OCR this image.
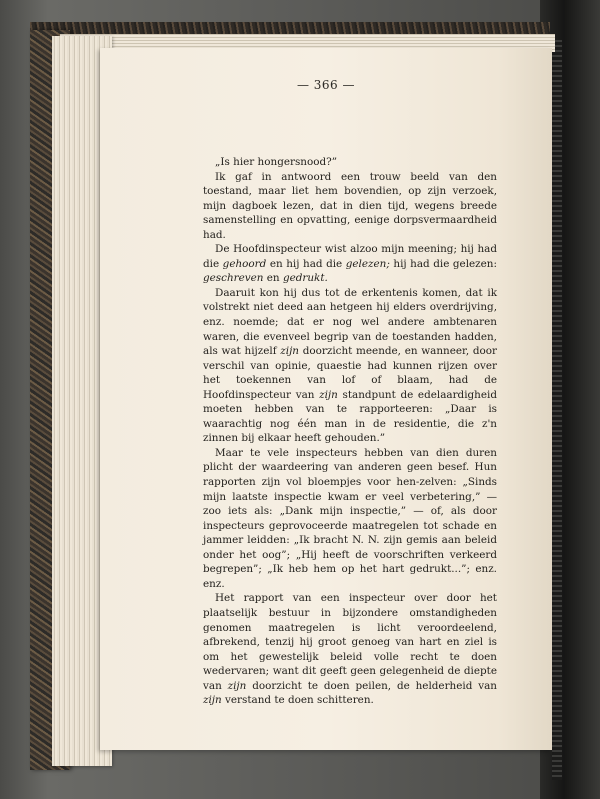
— 366 —

„Is hier hongersnood?”

Ik gaf in antwoord een trouw beeld van den toestand, maar liet hem bovendien, op zijn verzoek, mijn dagboek lezen, dat in dien tijd, wegens breede samenstelling en opvatting, eenige dorpsvermaardheid had.

De Hoofdinspecteur wist alzoo mijn meening; hij had die gehoord en hij had die gelezen; hij had die gelezen: geschreven en gedrukt.

Daaruit kon hij dus tot de erkentenis komen, dat ik volstrekt niet deed aan hetgeen hij elders overdrijving, enz. noemde; dat er nog wel andere ambtenaren waren, die evenveel begrip van de toestanden hadden, als wat hijzelf zijn doorzicht meende, en wanneer, door verschil van opinie, quaestie had kunnen rijzen over het toekennen van lof of blaam, had de Hoofdinspecteur van zijn standpunt de edelaardigheid moeten hebben van te rapporteeren: „Daar is waarachtig nog één man in de residentie, die z'n zinnen bij elkaar heeft gehouden.”

Maar te vele inspecteurs hebben van dien duren plicht der waardeering van anderen geen besef. Hun rapporten zijn vol bloempjes voor hen-zelven: „Sinds mijn laatste inspectie kwam er veel verbetering,” — zoo iets als: „Dank mijn inspectie,” — of, als door inspecteurs geprovoceerde maatregelen tot schade en jammer leidden: „Ik bracht N. N. zijn gemis aan beleid onder het oog”; „Hij heeft de voorschriften verkeerd begrepen”; „Ik heb hem op het hart gedrukt...”; enz. enz.

Het rapport van een inspecteur over door het plaatselijk bestuur in bijzondere omstandigheden genomen maatregelen is licht veroordeelend, afbrekend, tenzij hij groot genoeg van hart en ziel is om het gewestelijk beleid volle recht te doen wedervaren; want dit geeft geen gelegenheid de diepte van zijn doorzicht te doen peilen, de helderheid van zijn verstand te doen schitteren.
